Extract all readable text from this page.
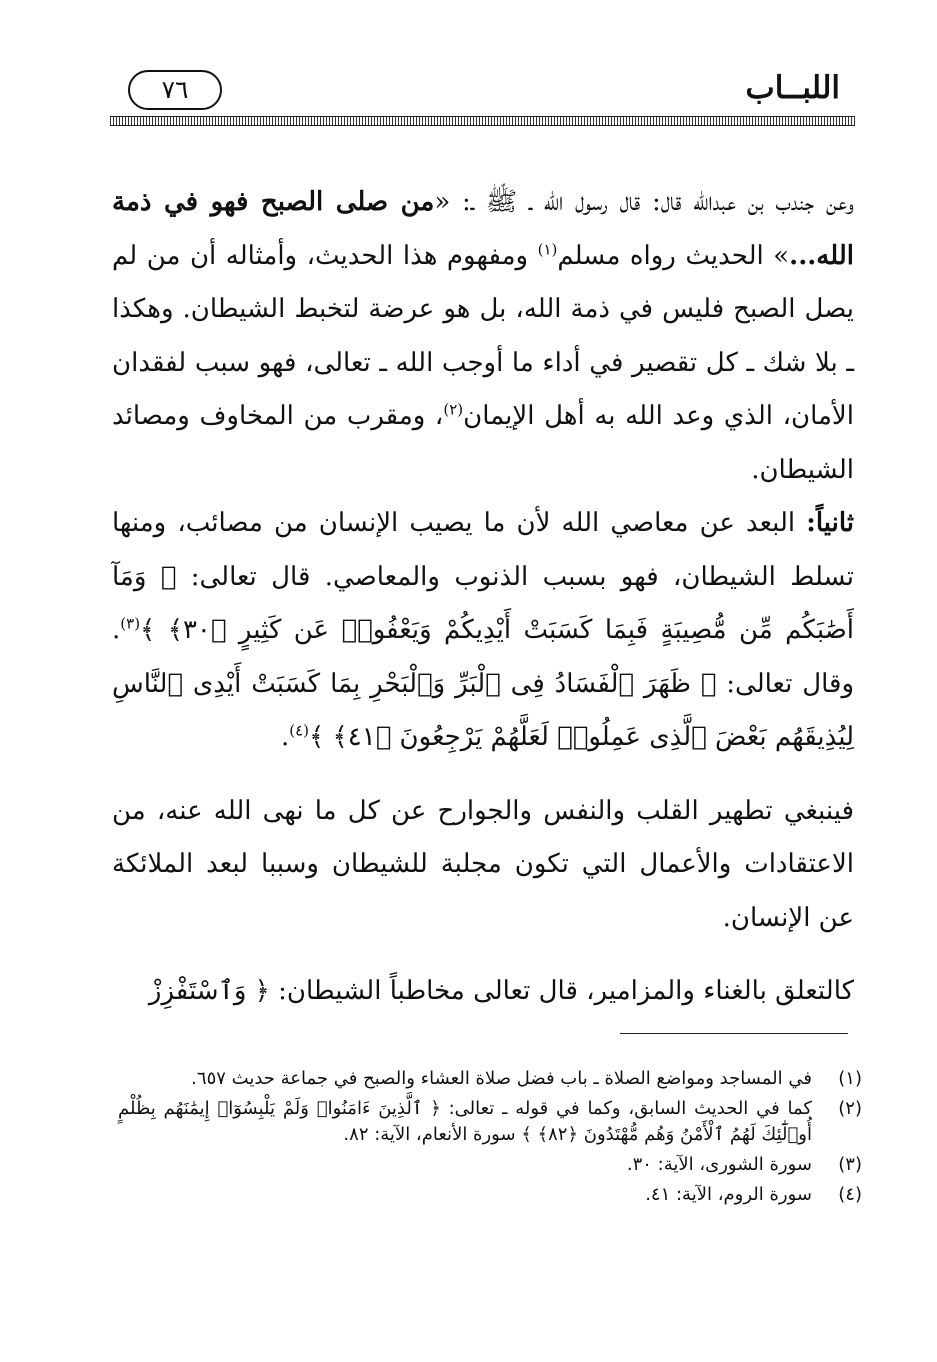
اللبــاب
٧٦

وعن جندب بن عبدالله قال: قال رسول الله ـ ﷺ ـ: «من صلى الصبح فهو في ذمة الله...» الحديث رواه مسلم$^{(١)}$ ومفهوم هذا الحديث، وأمثاله أن من لم يصل الصبح فليس في ذمة الله، بل هو عرضة لتخبط الشيطان. وهكذا ـ بلا شك ـ كل تقصير في أداء ما أوجب الله ـ تعالى، فهو سبب لفقدان الأمان، الذي وعد الله به أهل الإيمان$^{(٢)}$، ومقرب من المخاوف ومصائد الشيطان.

ثانياً: البعد عن معاصي الله لأن ما يصيب الإنسان من مصائب، ومنها تسلط الشيطان، فهو بسبب الذنوب والمعاصي. قال تعالى: ﴿ وَمَآ أَصَٰبَكُم مِّن مُّصِيبَةٍ فَبِمَا كَسَبَتْ أَيْدِيكُمْ وَيَعْفُوا۟ عَن كَثِيرٍ ﴿٣٠﴾ ﴾$^{(٣)}$. وقال تعالى: ﴿ ظَهَرَ ٱلْفَسَادُ فِى ٱلْبَرِّ وَٱلْبَحْرِ بِمَا كَسَبَتْ أَيْدِى ٱلنَّاسِ لِيُذِيقَهُم بَعْضَ ٱلَّذِى عَمِلُوا۟ لَعَلَّهُمْ يَرْجِعُونَ ﴿٤١﴾ ﴾$^{(٤)}$.

فينبغي تطهير القلب والنفس والجوارح عن كل ما نهى الله عنه، من الاعتقادات والأعمال التي تكون مجلبة للشيطان وسببا لبعد الملائكة عن الإنسان.

كالتعلق بالغناء والمزامير، قال تعالى مخاطباً الشيطان: ﴿ وَٱسْتَفْزِزْ

(١)
في المساجد ومواضع الصلاة ـ باب فضل صلاة العشاء والصبح في جماعة حديث ٦٥٧.
(٢)
كما في الحديث السابق، وكما في قوله ـ تعالى: ﴿ ٱلَّذِينَ ءَامَنُوا۟ وَلَمْ يَلْبِسُوٓا۟ إِيمَٰنَهُم بِظُلْمٍ أُو۟لَٰٓئِكَ لَهُمُ ٱلْأَمْنُ وَهُم مُّهْتَدُونَ ﴿٨٢﴾ ﴾ سورة الأنعام، الآية: ٨٢.
(٣)
سورة الشورى، الآية: ٣٠.
(٤)
سورة الروم، الآية: ٤١.
